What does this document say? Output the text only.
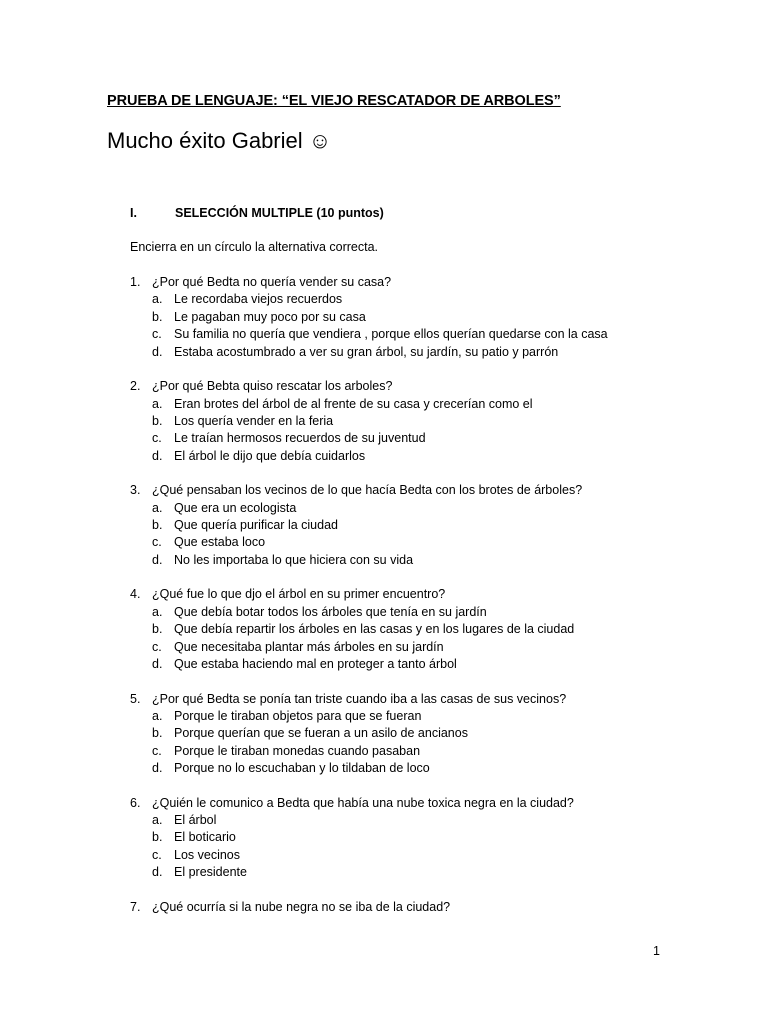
PRUEBA DE LENGUAJE: “EL VIEJO RESCATADOR DE ARBOLES”
Mucho éxito Gabriel ☺
I.	SELECCIÓN MULTIPLE (10 puntos)
Encierra en un círculo la alternativa correcta.
1. ¿Por qué Bedta no quería vender su casa?
a. Le recordaba viejos recuerdos
b. Le pagaban muy poco por su casa
c. Su familia no quería que vendiera , porque ellos querían quedarse con la casa
d. Estaba acostumbrado a ver su gran árbol, su jardín, su patio y parrón
2. ¿Por qué Bebta quiso rescatar los arboles?
a. Eran brotes del árbol de al frente de su casa y crecerían como el
b. Los quería vender en la feria
c. Le traían hermosos recuerdos de su juventud
d. El árbol le dijo que debía cuidarlos
3. ¿Qué pensaban los vecinos de lo que hacía Bedta con los brotes de árboles?
a. Que era un ecologista
b. Que quería purificar la ciudad
c. Que estaba loco
d. No les importaba lo que hiciera con su vida
4. ¿Qué fue lo que djo el árbol en su primer encuentro?
a. Que debía botar todos los árboles que tenía en su jardín
b. Que debía repartir los árboles en las casas y en los lugares de la ciudad
c. Que necesitaba plantar más árboles en su jardín
d. Que estaba haciendo mal en proteger a tanto árbol
5. ¿Por qué Bedta se ponía tan triste cuando iba a las casas de sus vecinos?
a. Porque le tiraban objetos para que se fueran
b. Porque querían que se fueran a un asilo de ancianos
c. Porque le tiraban monedas cuando pasaban
d. Porque no lo escuchaban y lo tildaban de loco
6. ¿Quién le comunico a Bedta que había una nube toxica negra en la ciudad?
a. El árbol
b. El boticario
c. Los vecinos
d. El presidente
7. ¿Qué ocurría si la nube negra no se iba de la ciudad?
1
